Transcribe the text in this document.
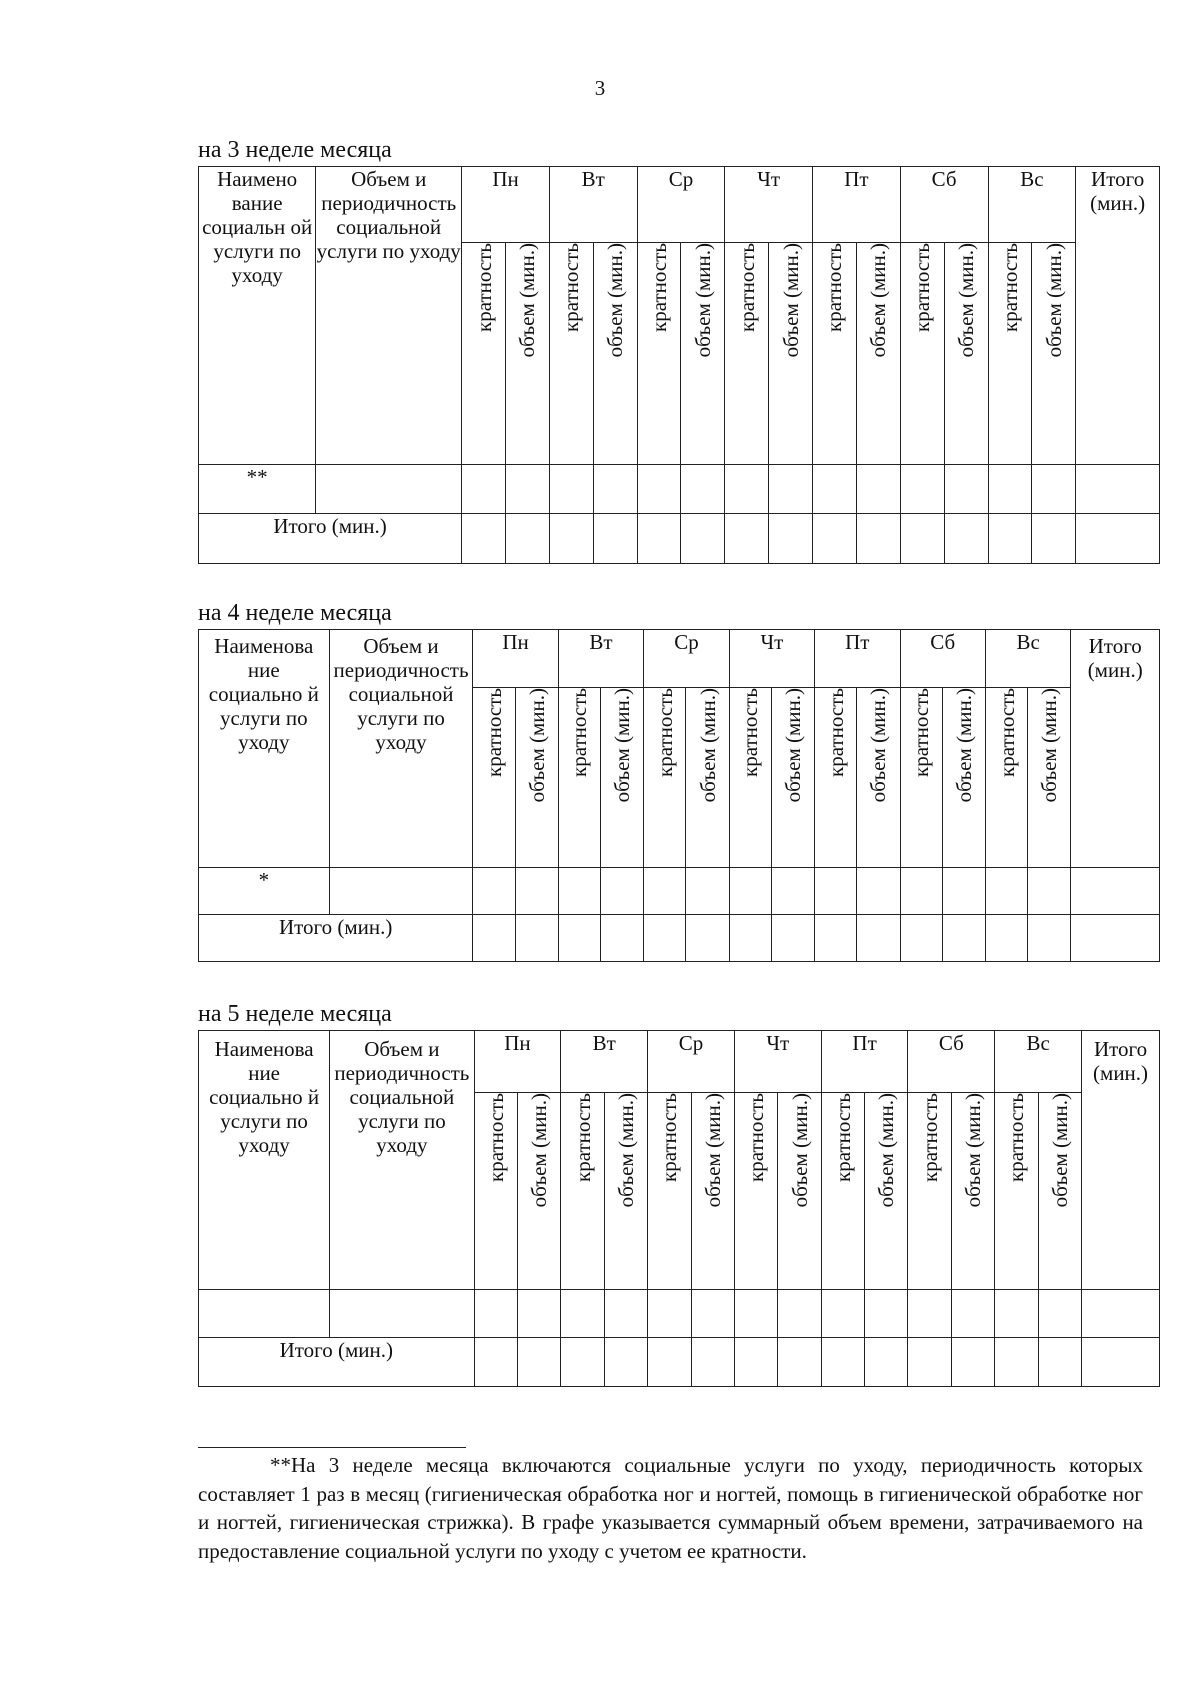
3
на 3 неделе месяца
Наимено вание социальн ой услуги по уходу	Объем и периодичность социальной услуги по уходу	Пн		Вт		Ср		Чт		Пт		Сб		Вс		Итого (мин.)
		кратность	объем (мин.)	кратность	объем (мин.)	кратность	объем (мин.)	кратность	объем (мин.)	кратность	объем (мин.)	кратность	объем (мин.)	кратность	объем (мин.)	
**																
Итого (мин.)																
на 4 неделе месяца
Наименова ние социально й услуги по уходу	Объем и периодичность социальной услуги по уходу	Пн		Вт		Ср		Чт		Пт		Сб		Вс		Итого (мин.)
		кратность	объем (мин.)	кратность	объем (мин.)	кратность	объем (мин.)	кратность	объем (мин.)	кратность	объем (мин.)	кратность	объем (мин.)	кратность	объем (мин.)	
*																
Итого (мин.)																
на 5 неделе месяца
Наименова ние социально й услуги по уходу	Объем и периодичность социальной услуги по уходу	Пн		Вт		Ср		Чт		Пт		Сб		Вс		Итого (мин.)
		кратность	объем (мин.)	кратность	объем (мин.)	кратность	объем (мин.)	кратность	объем (мин.)	кратность	объем (мин.)	кратность	объем (мин.)	кратность	объем (мин.)	

Итого (мин.)																

**На 3 неделе месяца включаются социальные услуги по уходу, периодичность которых составляет 1 раз в месяц (гигиеническая обработка ног и ногтей, помощь в гигиенической обработке ног и ногтей, гигиеническая стрижка). В графе указывается суммарный объем времени, затрачиваемого на предоставление социальной услуги по уходу с учетом ее кратности.
